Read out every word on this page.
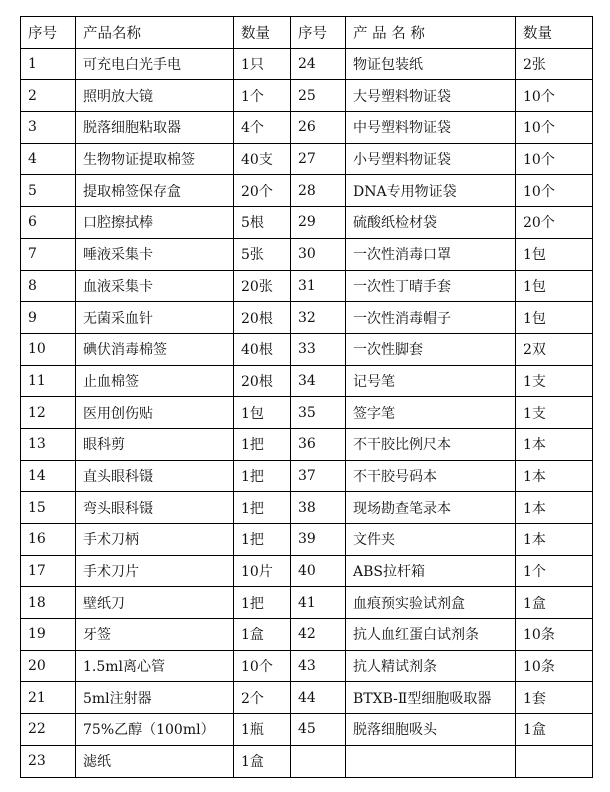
序号	产品名称	数量	序号	产 品 名 称	数量
1	可充电白光手电	1只	24	物证包装纸	2张
2	照明放大镜	1个	25	大号塑料物证袋	10个
3	脱落细胞粘取器	4个	26	中号塑料物证袋	10个
4	生物物证提取棉签	40支	27	小号塑料物证袋	10个
5	提取棉签保存盒	20个	28	DNA专用物证袋	10个
6	口腔擦拭棒	5根	29	硫酸纸检材袋	20个
7	唾液采集卡	5张	30	一次性消毒口罩	1包
8	血液采集卡	20张	31	一次性丁晴手套	1包
9	无菌采血针	20根	32	一次性消毒帽子	1包
10	碘伏消毒棉签	40根	33	一次性脚套	2双
11	止血棉签	20根	34	记号笔	1支
12	医用创伤贴	1包	35	签字笔	1支
13	眼科剪	1把	36	不干胶比例尺本	1本
14	直头眼科镊	1把	37	不干胶号码本	1本
15	弯头眼科镊	1把	38	现场勘查笔录本	1本
16	手术刀柄	1把	39	文件夹	1本
17	手术刀片	10片	40	ABS拉杆箱	1个
18	壁纸刀	1把	41	血痕预实验试剂盒	1盒
19	牙签	1盒	42	抗人血红蛋白试剂条	10条
20	1.5ml离心管	10个	43	抗人精试剂条	10条
21	5ml注射器	2个	44	BTXB-Ⅱ型细胞吸取器	1套
22	75%乙醇（100ml）	1瓶	45	脱落细胞吸头	1盒
23	滤纸	1盒			
